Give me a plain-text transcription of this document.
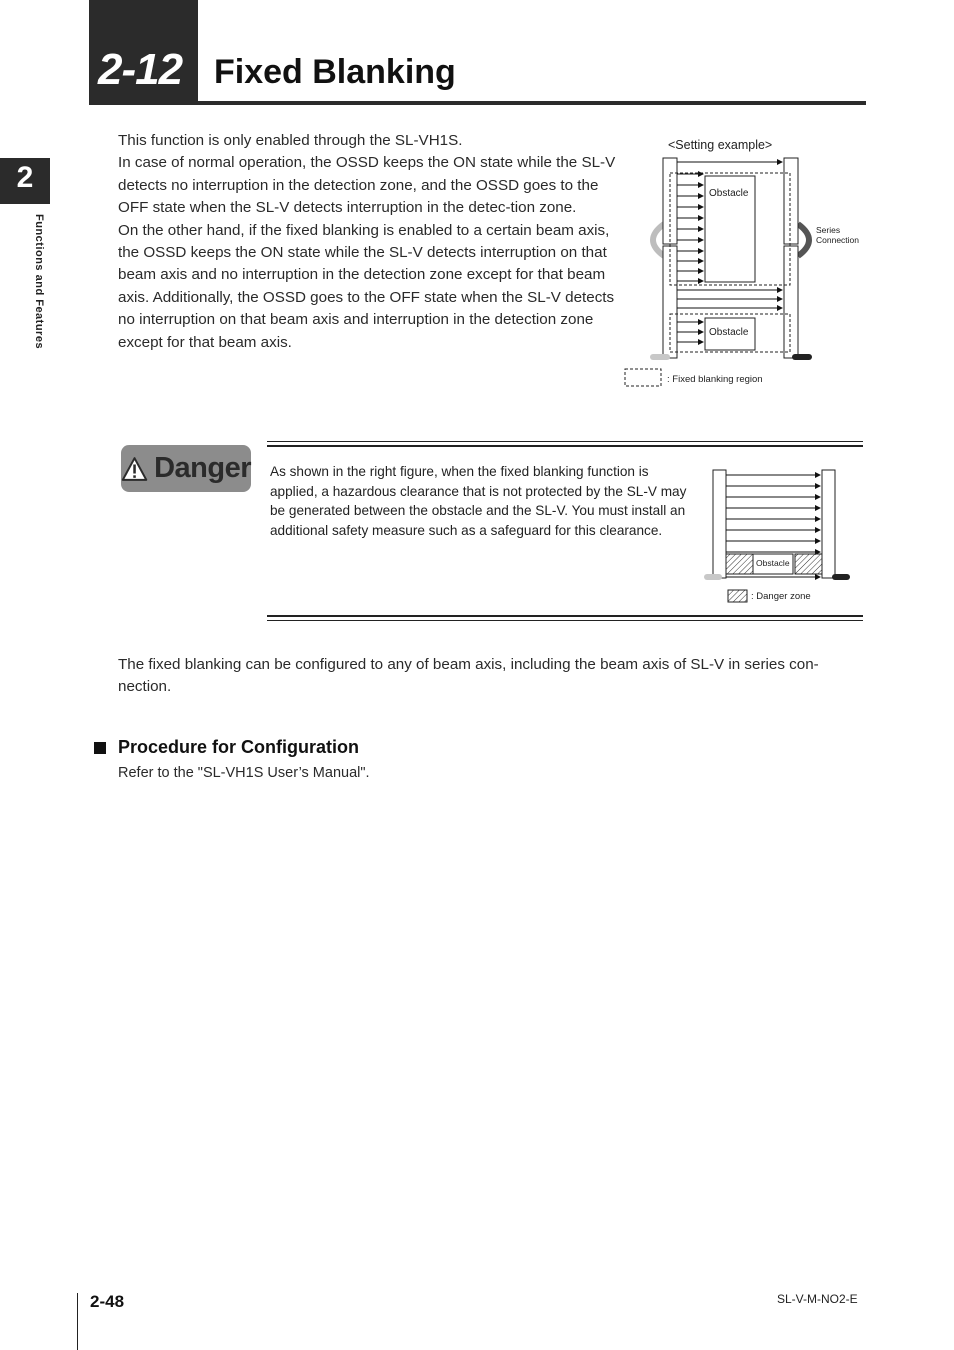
2-12 Fixed Blanking
2
Functions and Features

This function is only enabled through the SL-VH1S.

In case of normal operation, the OSSD keeps the ON state while the SL-V detects no interruption in the detection zone, and the OSSD goes to the OFF state when the SL-V detects interruption in the detec-tion zone.

On the other hand, if the fixed blanking is enabled to a certain beam axis, the OSSD keeps the ON state while the SL-V detects interruption on that beam axis and no interruption in the detection zone except for that beam axis. Additionally, the OSSD goes to the OFF state when the SL-V detects no interruption on that beam axis and interruption in the detection zone except for that beam axis.

<Setting example>
Obstacle
Obstacle
Series
Connection
: Fixed blanking region
Danger As shown in the right figure, when the fixed blanking function is applied, a hazardous clearance that is not protected by the SL-V may be generated between the obstacle and the SL-V. You must install an additional safety measure such as a safeguard for this clearance.
Obstacle
: Danger zone
The fixed blanking can be configured to any of beam axis, including the beam axis of SL-V in series con-nection.
Procedure for Configuration
Refer to the "SL-VH1S User’s Manual".
2-48	SL-V-M-NO2-E
